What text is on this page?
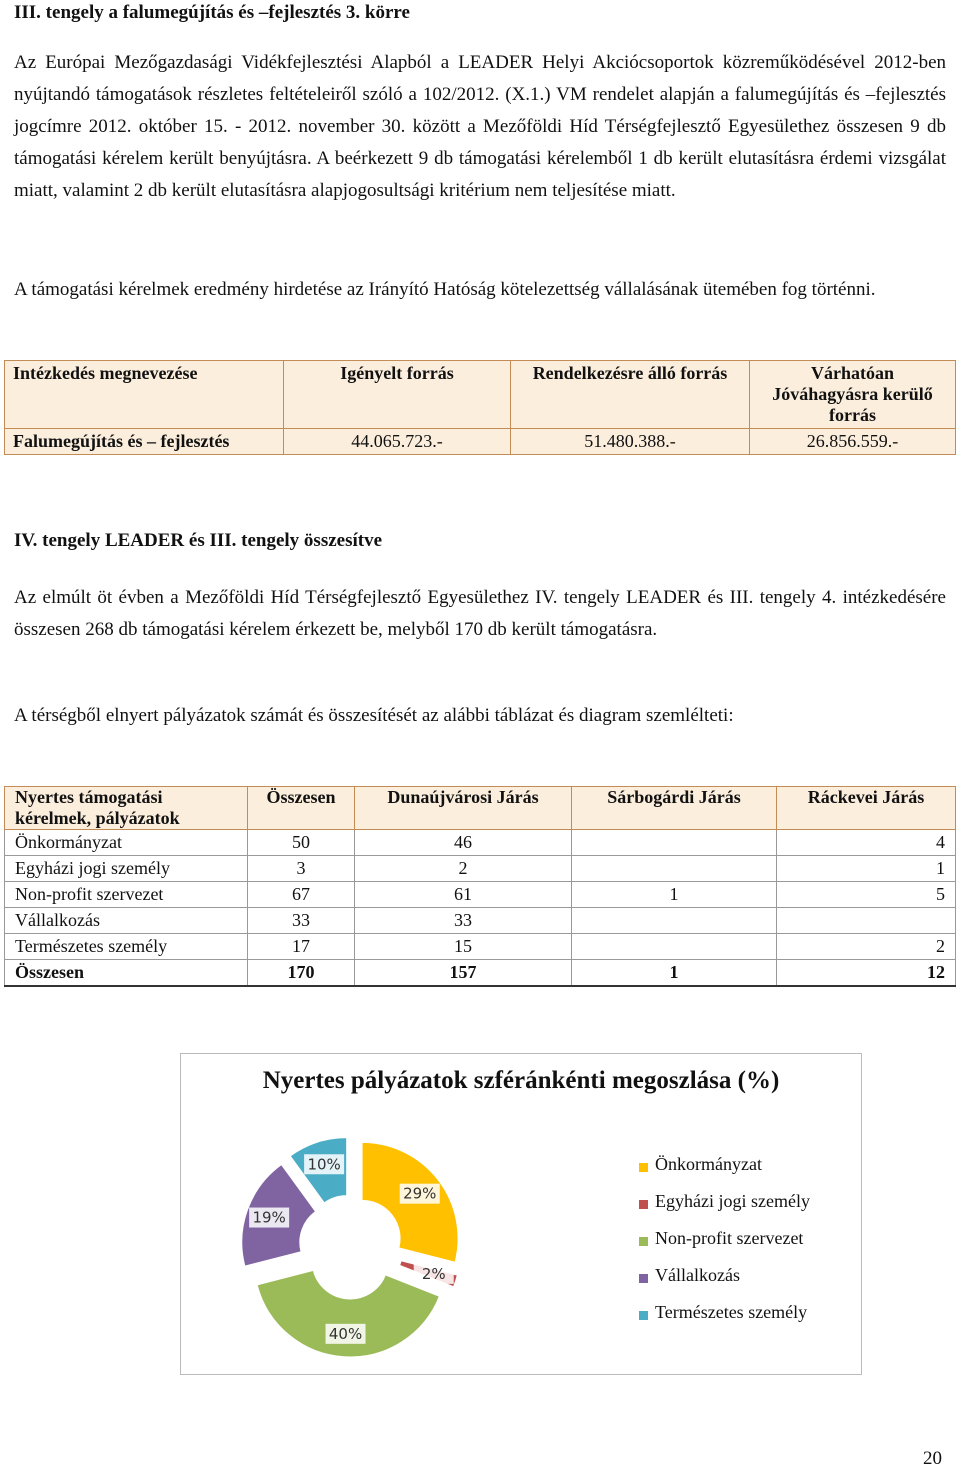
III. tengely a falumegújítás és –fejlesztés 3. körre

Az Európai Mezőgazdasági Vidékfejlesztési Alapból a LEADER Helyi Akciócsoportok közreműködésével 2012-ben nyújtandó támogatások részletes feltételeiről szóló a 102/2012. (X.1.) VM rendelet alapján a falumegújítás és –fejlesztés jogcímre 2012. október 15. - 2012. november 30. között a Mezőföldi Híd Térségfejlesztő Egyesülethez összesen 9 db támogatási kérelem került benyújtásra. A beérkezett 9 db támogatási kérelemből 1 db került elutasításra érdemi vizsgálat miatt, valamint 2 db került elutasításra alapjogosultsági kritérium nem teljesítése miatt.

A támogatási kérelmek eredmény hirdetése az Irányító Hatóság kötelezettség vállalásának ütemében fog történni.

Intézkedés megnevezése	Igényelt forrás	Rendelkezésre álló forrás	Várhatóan Jóváhagyásra kerülő forrás
Falumegújítás és – fejlesztés	44.065.723.-	51.480.388.-	26.856.559.-
IV. tengely LEADER és III. tengely összesítve

Az elmúlt öt évben a Mezőföldi Híd Térségfejlesztő Egyesülethez IV. tengely LEADER és III. tengely 4. intézkedésére összesen 268 db támogatási kérelem érkezett be, melyből 170 db került támogatásra.

A térségből elnyert pályázatok számát és összesítését az alábbi táblázat és diagram szemlélteti:

Nyertes támogatási kérelmek, pályázatok	Összesen	Dunaújvárosi Járás	Sárbogárdi Járás	Ráckevei Járás
Önkormányzat	50	46		4
Egyházi jogi személy	3	2		1
Non-profit szervezet	67	61	1	5
Vállalkozás	33	33		
Természetes személy	17	15		2
Összesen	170	157	1	12
29%
2%
40%
19%
10%
Nyertes pályázatok szféránkénti megoszlása (%)
Önkormányzat
Egyházi jogi személy
Non-profit szervezet
Vállalkozás
Természetes személy
20
